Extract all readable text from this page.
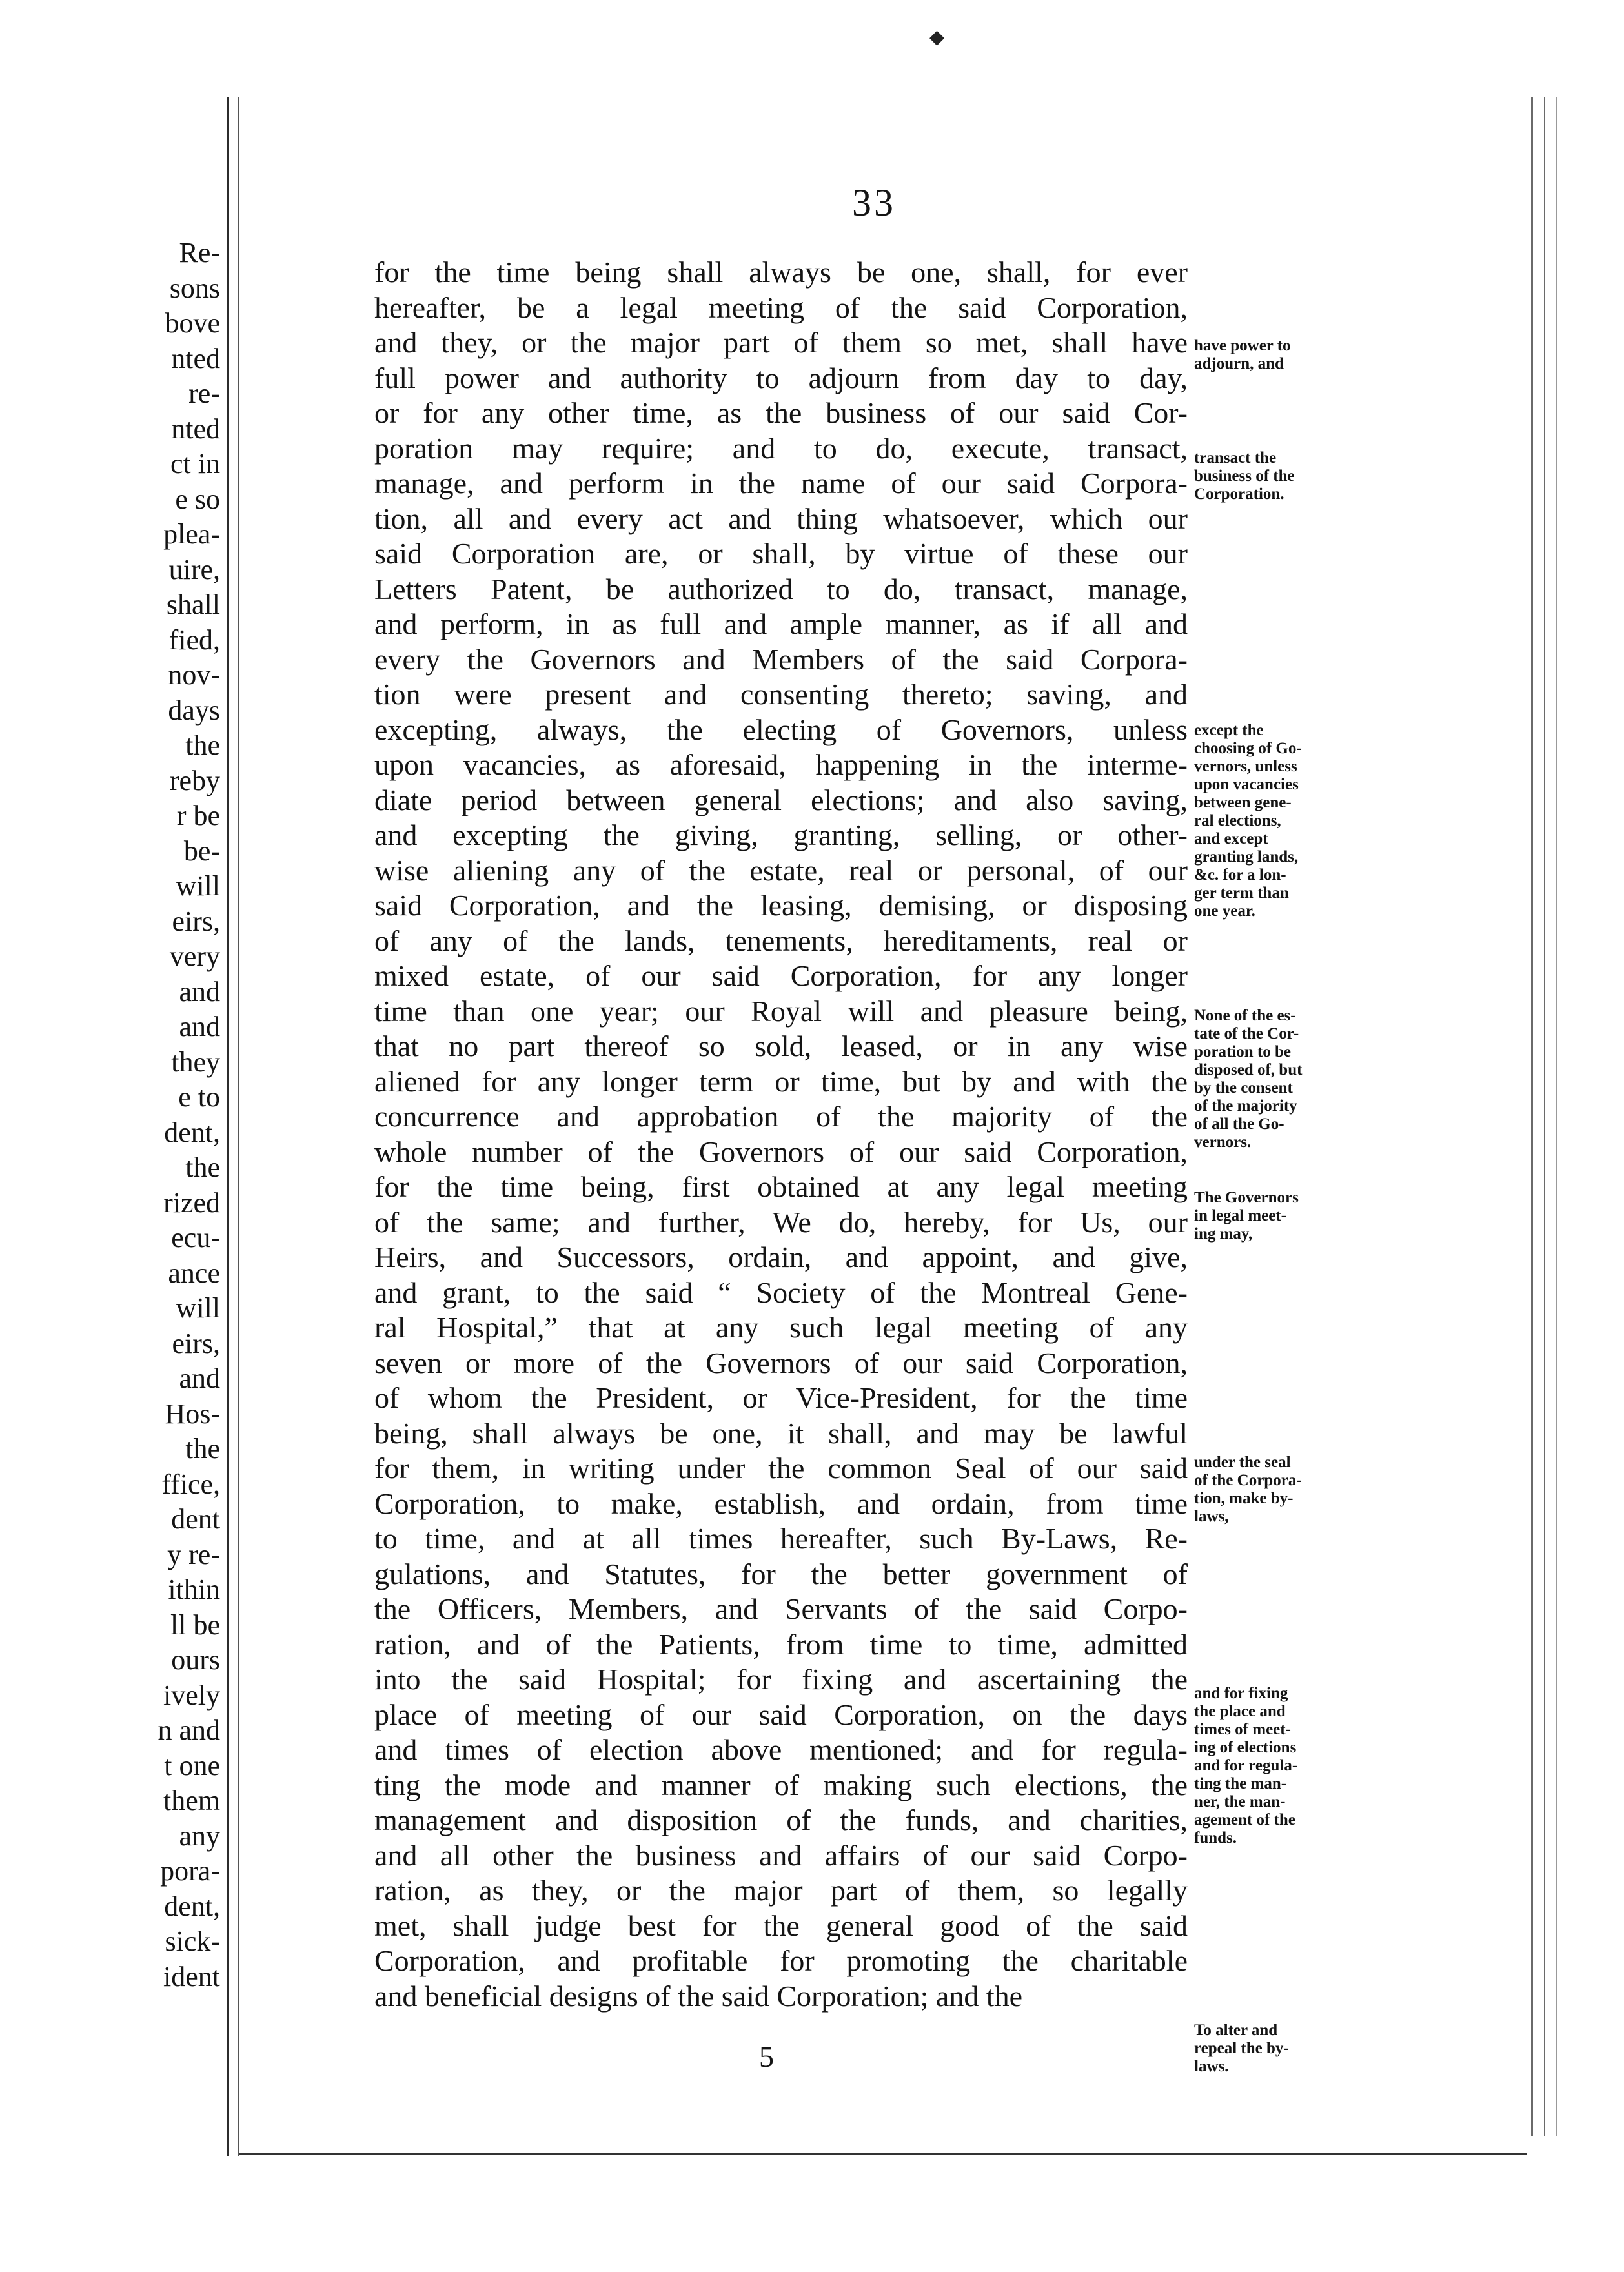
Re-
sons
bove
nted
re-
nted
ct in
e so
plea-
uire,
shall
fied,
nov-
days
the
reby
r be
be-
will
eirs,
very
and
and
they
e to
dent,
the
rized
ecu-
ance
will
eirs,
and
Hos-
the
ffice,
dent
y re-
ithin
ll be
ours
ively
n and
t one
them
any
pora-
dent,
sick-
ident
◆
33
for the time being shall always be one, shall, for ever
hereafter, be a legal meeting of the said Corporation,
and they, or the major part of them so met, shall have
full power and authority to adjourn from day to day,
or for any other time, as the business of our said Cor-
poration may require; and to do, execute, transact,
manage, and perform in the name of our said Corpora-
tion, all and every act and thing whatsoever, which our
said Corporation are, or shall, by virtue of these our
Letters Patent, be authorized to do, transact, manage,
and perform, in as full and ample manner, as if all and
every the Governors and Members of the said Corpora-
tion were present and consenting thereto; saving, and
excepting, always, the electing of Governors, unless
upon vacancies, as aforesaid, happening in the interme-
diate period between general elections; and also saving,
and excepting the giving, granting, selling, or other-
wise aliening any of the estate, real or personal, of our
said Corporation, and the leasing, demising, or disposing
of any of the lands, tenements, hereditaments, real or
mixed estate, of our said Corporation, for any longer
time than one year; our Royal will and pleasure being,
that no part thereof so sold, leased, or in any wise
aliened for any longer term or time, but by and with the
concurrence and approbation of the majority of the
whole number of the Governors of our said Corporation,
for the time being, first obtained at any legal meeting
of the same; and further, We do, hereby, for Us, our
Heirs, and Successors, ordain, and appoint, and give,
and grant, to the said “ Society of the Montreal Gene-
ral Hospital,” that at any such legal meeting of any
seven or more of the Governors of our said Corporation,
of whom the President, or Vice-President, for the time
being, shall always be one, it shall, and may be lawful
for them, in writing under the common Seal of our said
Corporation, to make, establish, and ordain, from time
to time, and at all times hereafter, such By-Laws, Re-
gulations, and Statutes, for the better government of
the Officers, Members, and Servants of the said Corpo-
ration, and of the Patients, from time to time, admitted
into the said Hospital; for fixing and ascertaining the
place of meeting of our said Corporation, on the days
and times of election above mentioned; and for regula-
ting the mode and manner of making such elections, the
management and disposition of the funds, and charities,
and all other the business and affairs of our said Corpo-
ration, as they, or the major part of them, so legally
met, shall judge best for the general good of the said
Corporation, and profitable for promoting the charitable
and beneficial designs of the said Corporation; and the
have power to
adjourn, and
transact the
business of the
Corporation.
except the
choosing of Go-
vernors, unless
upon vacancies
between gene-
ral elections,
and except
granting lands,
&c. for a lon-
ger term than
one year.
None of the es-
tate of the Cor-
poration to be
disposed of, but
by the consent
of the majority
of all the Go-
vernors.
The Governors
in legal meet-
ing may,
under the seal
of the Corpora-
tion, make by-
laws,
and for fixing
the place and
times of meet-
ing of elections
and for regula-
ting the man-
ner, the man-
agement of the
funds.
To alter and
repeal the by-
laws.
5
